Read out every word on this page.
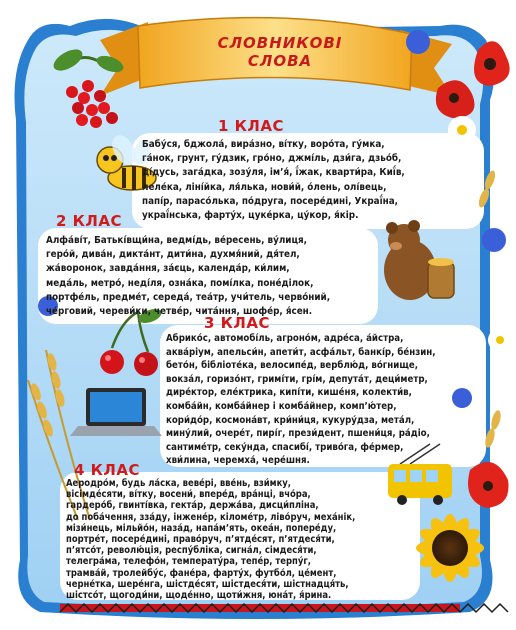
СЛОВНИКОВІ
СЛОВА
1 КЛАС

Бабу́ся, бджола́, вира́зно, ві́тку, воро́та, гу́мка,
га́нок, грунт, гу́дзик, гро́но, джмі́ль, дзи́га, дзьо́б,
ді́дусь, зага́дка, зозу́ля, ім’я́, ї́жак, кварти́ра, Киї́в,
леле́ка, ліні́йка, ля́лька, нови́й, о́лень, олі́вець,
папі́р, парасо́лька, по́друга, посере́дині, Украї́на,
украї́нська, фарту́х, цуке́рка, цу́кор, я́кір.

2 КЛАС

Алфа́ві́т, Батькі́вщи́на, ведмі́дь, ве́ресень, ву́лиця,
геро́й, дива́н, дикта́нт, дити́на, духмя́ний, дя́тел,
жа́воронок, завда́ння, за́єць, календа́р, ки́лим,
меда́ль, метро́, неді́ля, озна́ка, помі́лка, поне́ділок,
портфе́ль, предме́т, середа́, теа́тр, учи́тель, черво́ний,
че́рговий, череви́ки, четве́р, чита́ння, шофе́р, я́сен.

3 КЛАС

Абрико́с, автомобі́ль, агроно́м, адре́са, а́йстра,
аква́ріум, апельси́н, апети́т, асфа́льт, банкі́р, бе́нзин,
бето́н, бібліоте́ка, велосипе́д, верблю́д, во́гнище,
вокза́л, горизо́нт, гримі́ти, грі́м, депута́т, деци́метр,
дире́ктор, еле́ктрика, кипі́ти, кише́ня, колекти́в,
комба́йн, комба́йнер і комба́йнер, комп’ю́тер,
кори́до́р, космона́вт, кри́ни́ця, кукуру́дза, мета́л,
мину́лий, очере́т, пирі́г, прези́дент, пшени́ця, ра́діо,
сантиме́тр, секу́нда, спасибі́, триво́га, фе́рмер,
хви́лина, черемха́, чере́шня.

4 КЛАС

Аеродро́м, будь ла́ска, веве́рі, вве́нь, взи́мку,
вісімде́сяти, ві́тку, восени́, впере́д, вра́нці, вчо́ра,
гардеро́б, гвинті́вка, гекта́р, держа́ва, дисци́пліна,
до поба́чення, зза́ду, інжене́р, кіломе́тр, ліво́руч, меха́нік,
мізи́нець, мільйо́н, наза́д, напа́м’ять, океа́н, попере́ду,
портре́т, посере́дині, право́руч, п’ятде́сят, п’ятдеся́ти,
п’ятсо́т, револю́ція, респу́бліка, сигна́л, сімдеся́ти,
телегра́ма, телефо́н, температу́ра, тепе́р, терпу́г,
трамва́й, тролейбу́с, фане́ра, фарту́х, футбо́л, це́мент,
черне́тка, шере́нга, шістде́сят, шістдеся́ти, шістнадця́ть,
шістсо́т, щогоди́ни, щоде́нно, щоти́жня, юна́т, я́рина.
